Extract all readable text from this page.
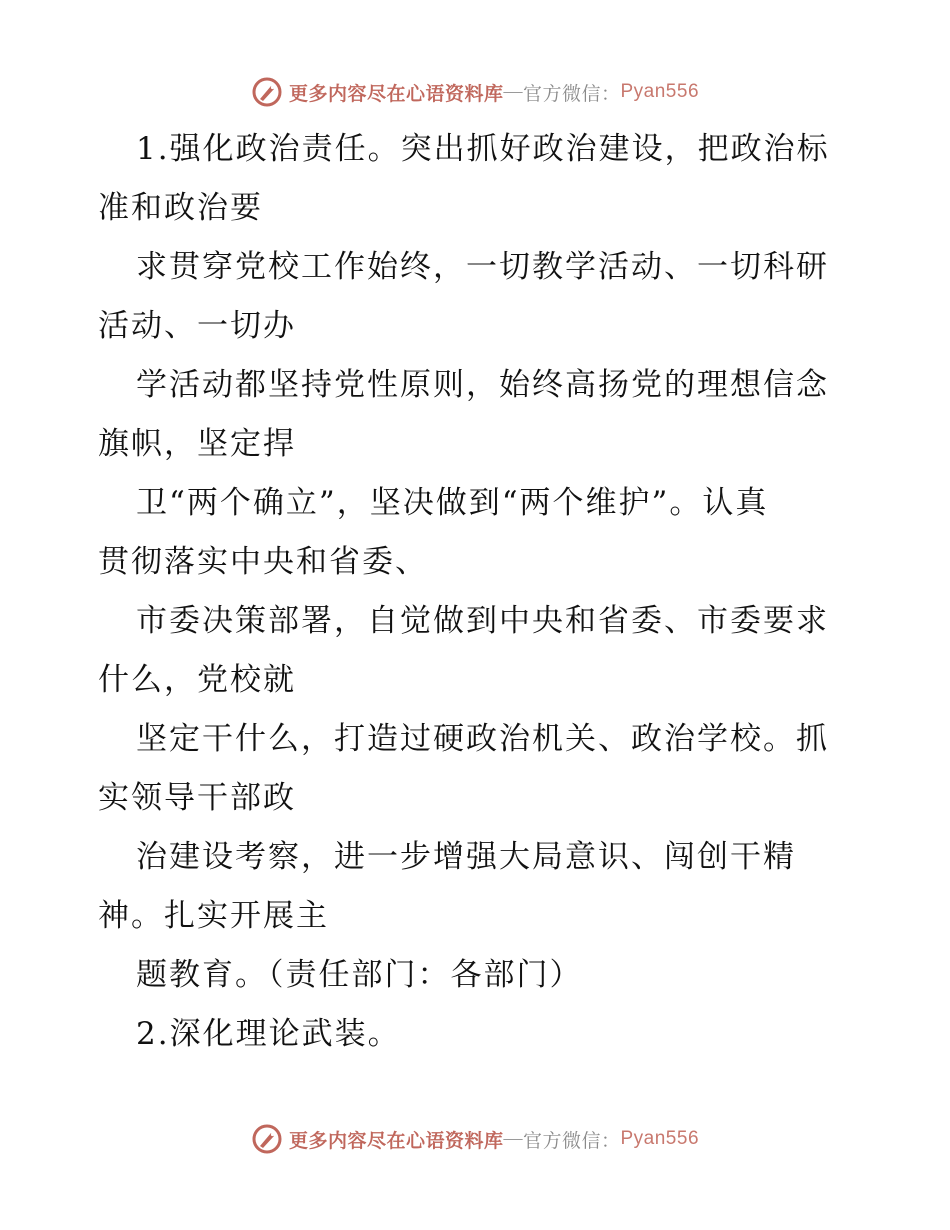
更多内容尽在心语资料库 — 官方微信： Pyan556
1.强化政治责任。突出抓好政治建设，把政治标
准和政治要
求贯穿党校工作始终，一切教学活动、一切科研
活动、一切办
学活动都坚持党性原则，始终高扬党的理想信念
旗帜，坚定捍
卫“两个确立”，坚决做到“两个维护”。认真
贯彻落实中央和省委、
市委决策部署，自觉做到中央和省委、市委要求
什么，党校就
坚定干什么，打造过硬政治机关、政治学校。抓
实领导干部政
治建设考察，进一步增强大局意识、闯创干精
神。扎实开展主
题教育。（责任部门：各部门）
2.深化理论武装。
更多内容尽在心语资料库 — 官方微信： Pyan556
